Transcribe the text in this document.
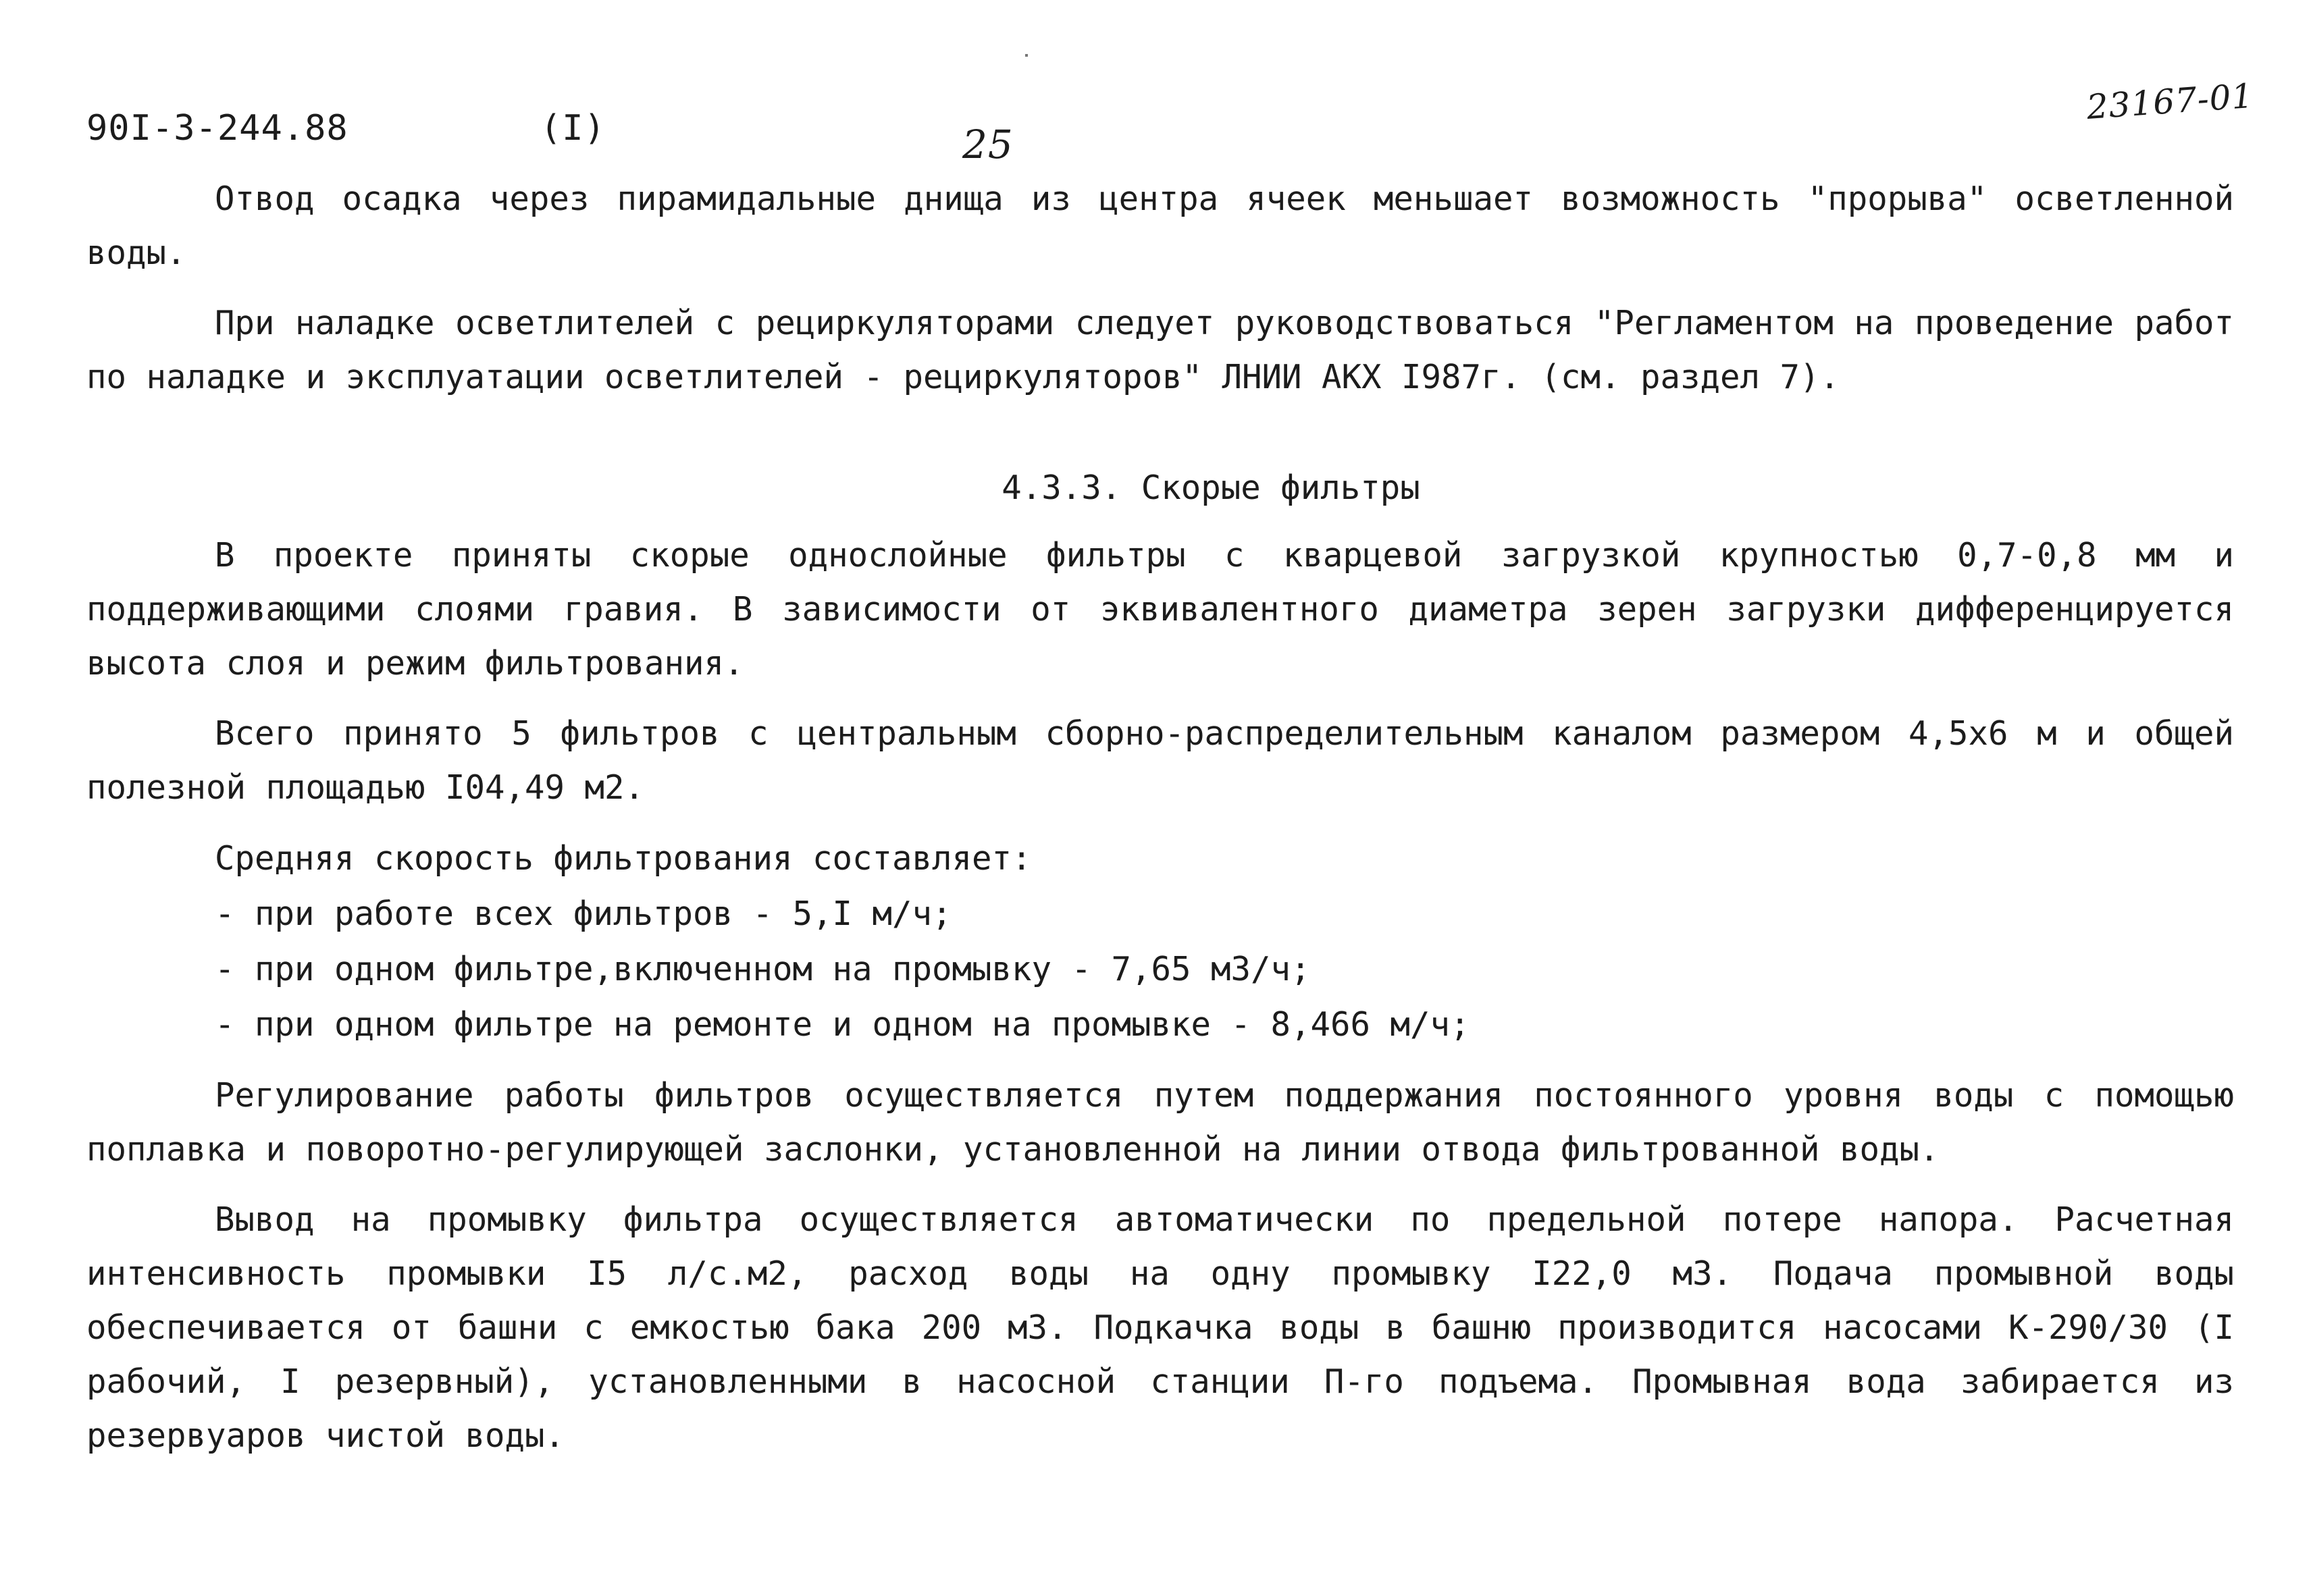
90I-3-244.88	(I)	25
23167-01

Отвод осадка через пирамидальные днища из центра ячеек меньшает возможность "прорыва" осветленной воды.

При наладке осветлителей с рециркуляторами следует руководствоваться "Регламентом на проведение работ по наладке и эксплуатации осветлителей - рециркуляторов" ЛНИИ АКХ I987г. (см. раздел 7).

4.3.3. Скорые фильтры

В проекте приняты скорые однослойные фильтры с кварцевой загрузкой крупностью 0,7-0,8 мм и поддерживающими слоями гравия. В зависимости от эквивалентного диаметра зерен загрузки дифференцируется высота слоя и режим фильтрования.

Всего принято 5 фильтров с центральным сборно-распределительным каналом размером 4,5х6 м и общей полезной площадью I04,49 м2.

Средняя скорость фильтрования составляет:
- при работе всех фильтров - 5,I м/ч;
- при одном фильтре,включенном на промывку - 7,65 м3/ч;
- при одном фильтре на ремонте и одном на промывке - 8,466 м/ч;

Регулирование работы фильтров осуществляется путем поддержания постоянного уровня воды с помощью поплавка и поворотно-регулирующей заслонки, установленной на линии отвода фильтрованной воды.

Вывод на промывку фильтра осуществляется автоматически по предельной потере напора. Расчетная интенсивность промывки I5 л/с.м2, расход воды на одну промывку I22,0 м3. Подача промывной воды обеспечивается от башни с емкостью бака 200 м3. Подкачка воды в башню производится насосами К-290/30 (I рабочий, I резервный), установленными в насосной станции П-го подъема. Промывная вода забирается из резервуаров чистой воды.
